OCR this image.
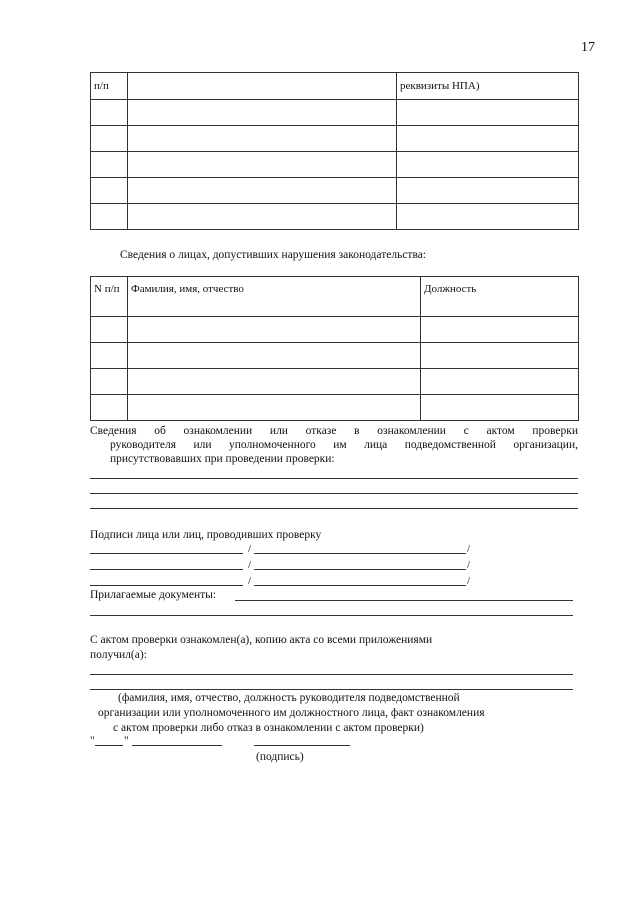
17
п/п		реквизиты НПА)

Сведения о лицах, допустивших нарушения законодательства:
N п/п	Фамилия, имя, отчество	Должность

Сведения об ознакомлении или отказе в ознакомлении с актом проверки
руководителя или уполномоченного им лица подведомственной организации,
присутствовавших при проведении проверки:
Подписи лица или лиц, проводивших проверку
/	/
/	/
/	/
Прилагаемые документы:
С актом проверки ознакомлен(а), копию акта со всеми приложениями
получил(а):
(фамилия, имя, отчество, должность руководителя подведомственной
организации или уполномоченного им должностного лица, факт ознакомления
с актом проверки либо отказ в ознакомлении с актом проверки)
"	"
(подпись)
